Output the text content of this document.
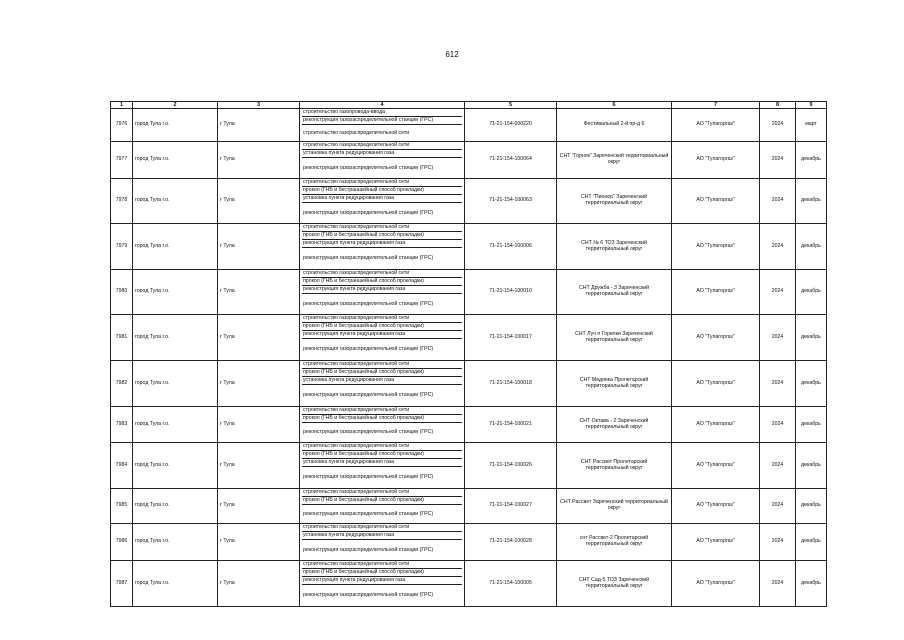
612
1	2	3	4	5	6	7	8	9
7976	город Тула г.о.	г Тула	строительство газопровода-ввода
реконструкция газораспределительной станции (ГРС)
строительство газораспределительной сети	71-21-154-000220	Фестивальный 2-й пр-д 6	АО "Тулагоргаз"	2024	март
7977	город Тула г.о.	г Тула	строительство газораспределительной сети
установка пункта редуцирования газа
реконструкция газораспределительной станции (ГРС)	71-21-154-100064	СНТ "Горняк" Зареченский территориальный округ	АО "Тулагоргаз"	2024	декабрь
7978	город Тула г.о.	г Тула	строительство газораспределительной сети
прокол (ГНБ и бестраншейный способ прокладки)
установка пункта редуцирования газа
реконструкция газораспределительной станции (ГРС)	71-21-154-100063	СНТ "Пионер" Зареченский территориальный округ	АО "Тулагоргаз"	2024	декабрь
7979	город Тула г.о.	г Тула	строительство газораспределительной сети
прокол (ГНБ и бестраншейный способ прокладки)
реконструкция пункта редуцирования газа
реконструкция газораспределительной станции (ГРС)	71-21-154-100006	СНТ № 6 ТОЗ Зареченский территориальный округ	АО "Тулагоргаз"	2024	декабрь
7980	город Тула г.о.	г Тула	строительство газораспределительной сети
прокол (ГНБ и бестраншейный способ прокладки)
реконструкция пункта редуцирования газа
реконструкция газораспределительной станции (ГРС)	71-21-154-100010	СНТ Дружба - 3 Зареченский территориальный округ	АО "Тулагоргаз"	2024	декабрь
7981	город Тула г.о.	г Тула	строительство газораспределительной сети
прокол (ГНБ и бестраншейный способ прокладки)
реконструкция пункта редуцирования газа
реконструкция газораспределительной станции (ГРС)	71-21-154-100017	СНТ Луч п Горелки Зареченский территориальный округ	АО "Тулагоргаз"	2024	декабрь
7982	город Тула г.о.	г Тула	строительство газораспределительной сети
прокол (ГНБ и бестраншейный способ прокладки)
установка пункта редуцирования газа
реконструкция газораспределительной станции (ГРС)	71-21-154-100018	СНТ Медянка Пролетарский территориальный округ	АО "Тулагоргаз"	2024	декабрь
7983	город Тула г.о.	г Тула	строительство газораспределительной сети
прокол (ГНБ и бестраншейный способ прокладки)
реконструкция газораспределительной станции (ГРС)	71-21-154-100021	СНТ Октава - 2 Зареченский территориальный округ	АО "Тулагоргаз"	2024	декабрь
7984	город Тула г.о.	г Тула	строительство газораспределительной сети
прокол (ГНБ и бестраншейный способ прокладки)
установка пункта редуцирования газа
реконструкция газораспределительной станции (ГРС)	71-21-154-100026	СНТ Рассвет Пролетарский территориальный округ	АО "Тулагоргаз"	2024	декабрь
7985	город Тула г.о.	г Тула	строительство газораспределительной сети
прокол (ГНБ и бестраншейный способ прокладки)
реконструкция газораспределительной станции (ГРС)	71-21-154-100027	СНТ Рассвет Зареченский территориальный округ	АО "Тулагоргаз"	2024	декабрь
7986	город Тула г.о.	г Тула	строительство газораспределительной сети
установка пункта редуцирования газа
реконструкция газораспределительной станции (ГРС)	71-21-154-100028	снт Рассвет-2 Пролетарский территориальный округ	АО "Тулагоргаз"	2024	декабрь
7987	город Тула г.о.	г Тула	строительство газораспределительной сети
прокол (ГНБ и бестраншейный способ прокладки)
реконструкция пункта редуцирования газа
реконструкция газораспределительной станции (ГРС)	71-21-154-100005	СНТ Сад-5 ТОЗ Зареченский территориальный округ	АО "Тулагоргаз"	2024	декабрь
